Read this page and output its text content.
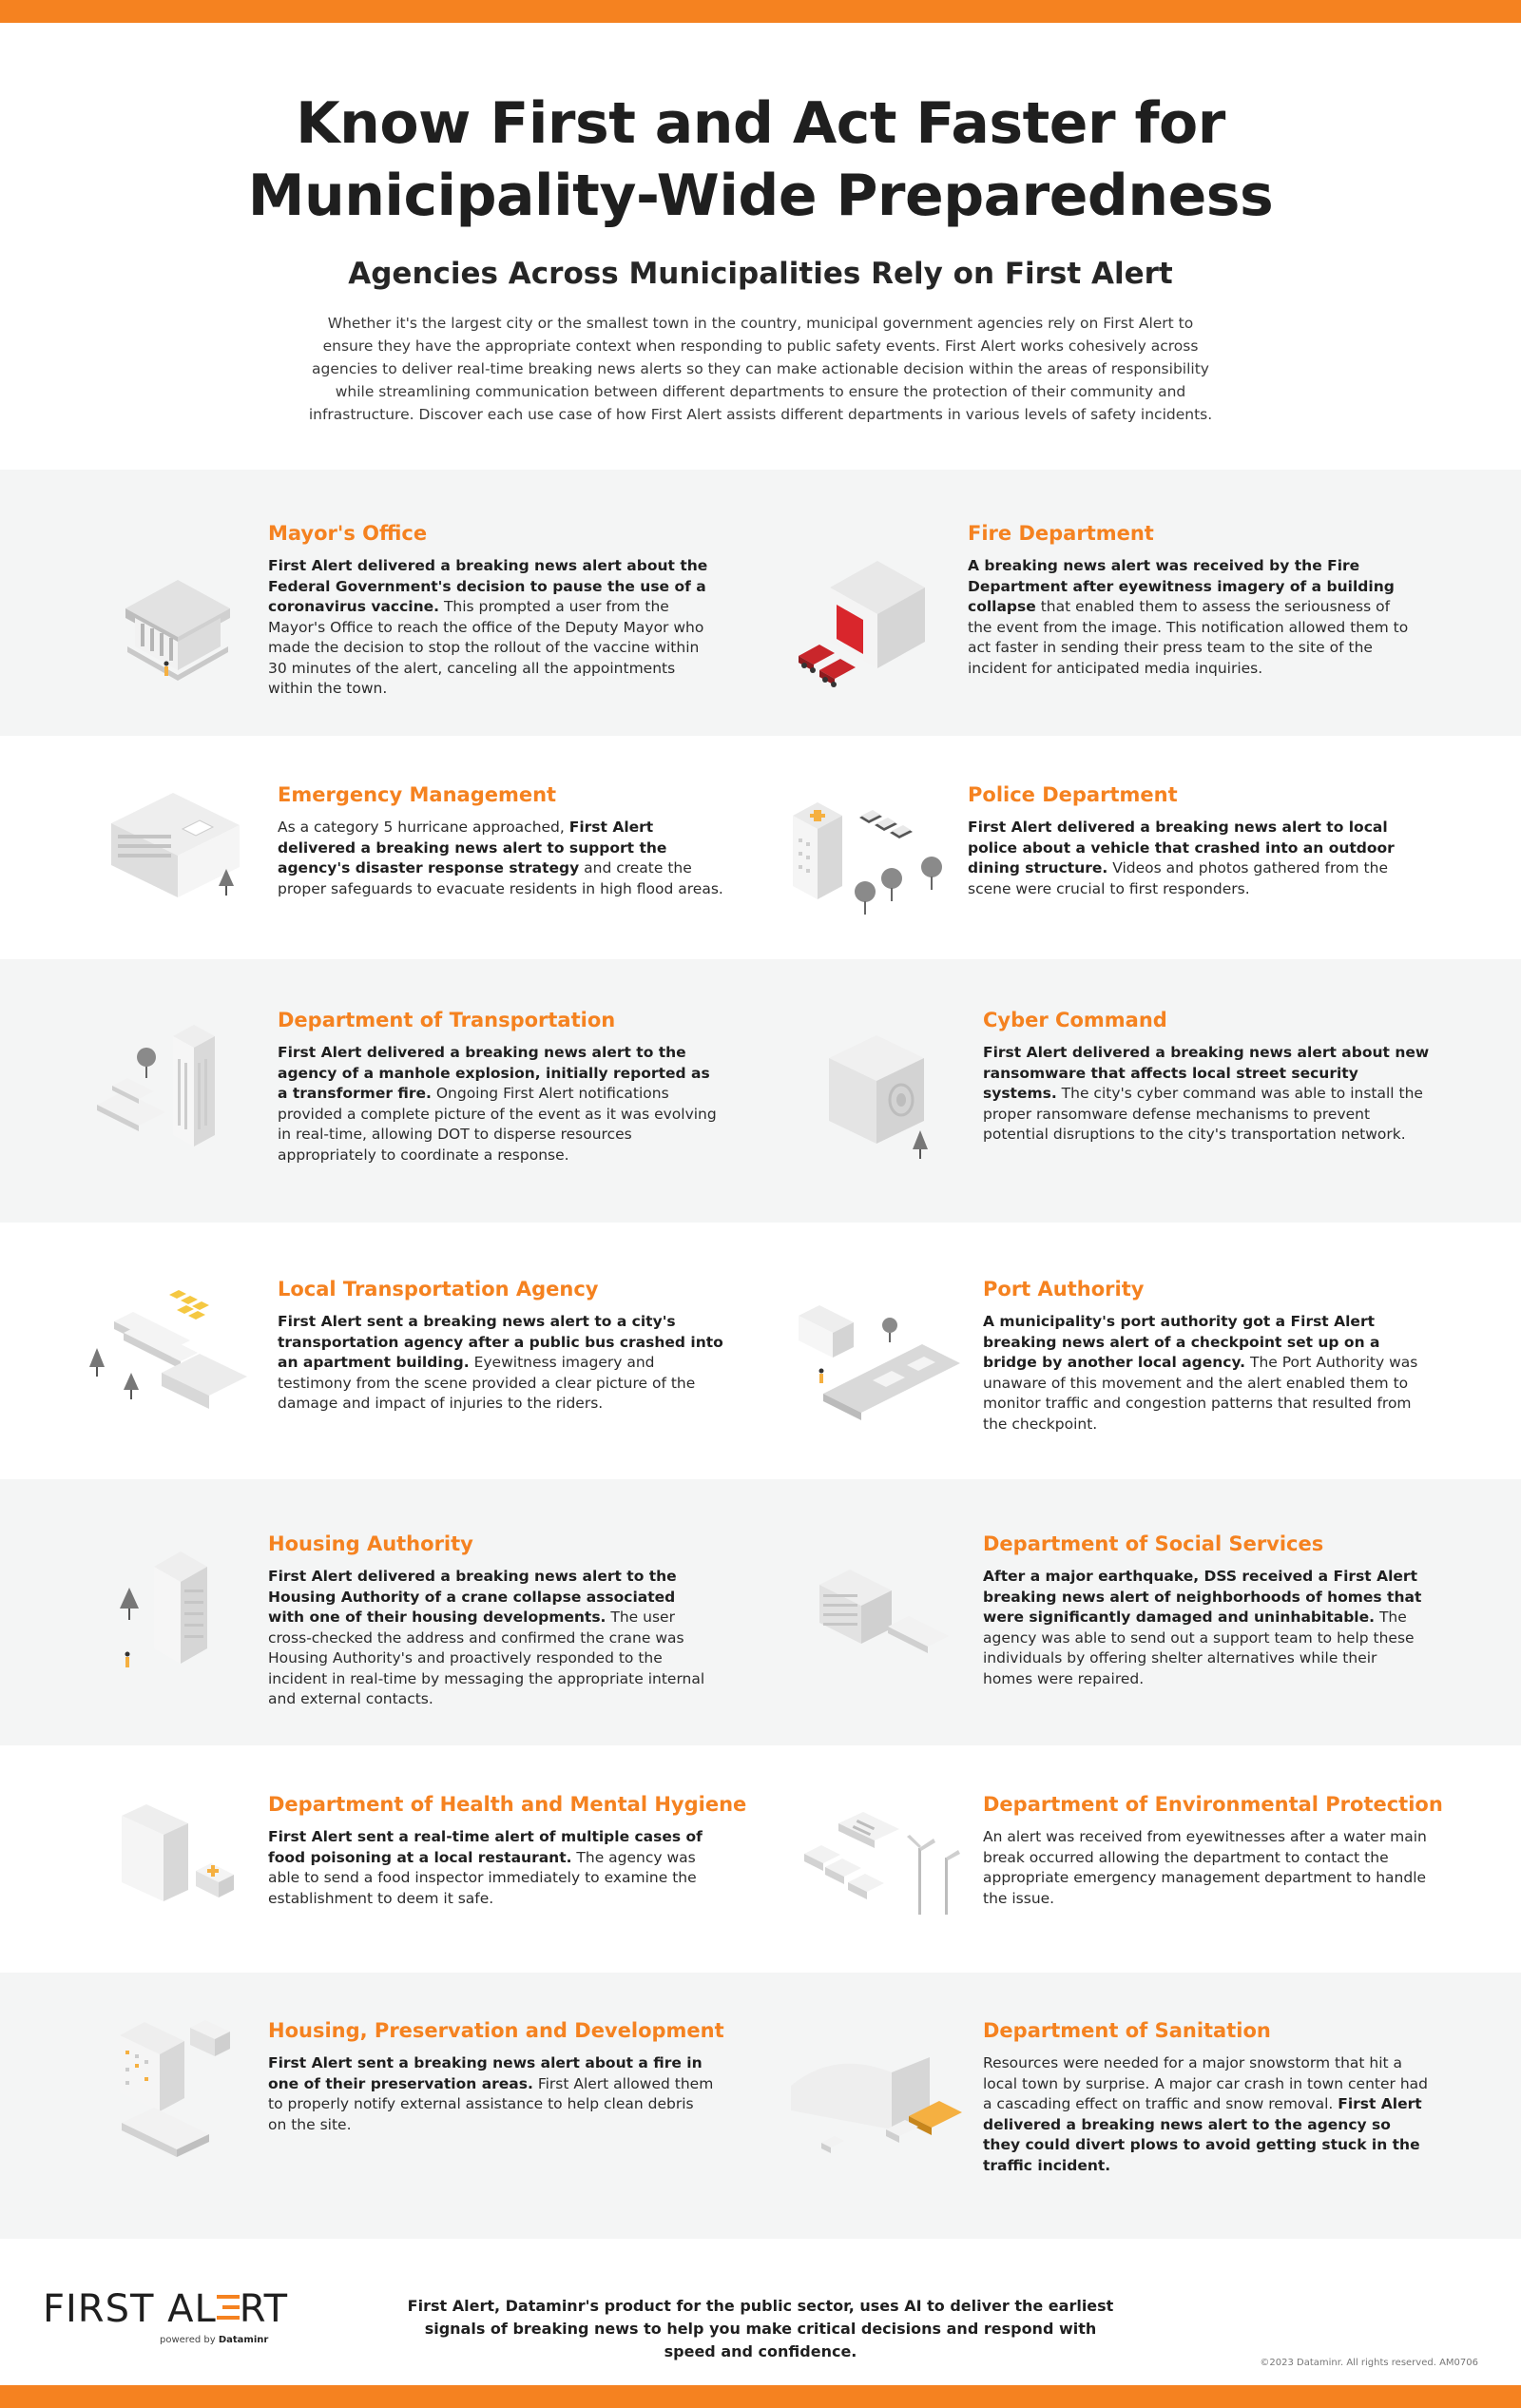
Know First and Act Faster for
Municipality-Wide Preparedness
Agencies Across Municipalities Rely on First Alert

Whether it's the largest city or the smallest town in the country, municipal government agencies rely on First Alert to ensure they have the appropriate context when responding to public safety events. First Alert works cohesively across agencies to deliver real-time breaking news alerts so they can make actionable decision within the areas of responsibility while streamlining communication between different departments to ensure the protection of their community and infrastructure. Discover each use case of how First Alert assists different departments in various levels of safety incidents.

Mayor's Office

First Alert delivered a breaking news alert about the Federal Government's decision to pause the use of a coronavirus vaccine. This prompted a user from the Mayor's Office to reach the office of the Deputy Mayor who made the decision to stop the rollout of the vaccine within 30 minutes of the alert, canceling all the appointments within the town.

Fire Department

A breaking news alert was received by the Fire Department after eyewitness imagery of a building collapse that enabled them to assess the seriousness of the event from the image. This notification allowed them to act faster in sending their press team to the site of the incident for anticipated media inquiries.

Emergency Management

As a category 5 hurricane approached, First Alert delivered a breaking news alert to support the agency's disaster response strategy and create the proper safeguards to evacuate residents in high flood areas.

Police Department

First Alert delivered a breaking news alert to local police about a vehicle that crashed into an outdoor dining structure. Videos and photos gathered from the scene were crucial to first responders.

Department of Transportation

First Alert delivered a breaking news alert to the agency of a manhole explosion, initially reported as a transformer fire. Ongoing First Alert notifications provided a complete picture of the event as it was evolving in real-time, allowing DOT to disperse resources appropriately to coordinate a response.

Cyber Command

First Alert delivered a breaking news alert about new ransomware that affects local street security systems. The city's cyber command was able to install the proper ransomware defense mechanisms to prevent potential disruptions to the city's transportation network.

Local Transportation Agency

First Alert sent a breaking news alert to a city's transportation agency after a public bus crashed into an apartment building. Eyewitness imagery and testimony from the scene provided a clear picture of the damage and impact of injuries to the riders.

Port Authority

A municipality's port authority got a First Alert breaking news alert of a checkpoint set up on a bridge by another local agency. The Port Authority was unaware of this movement and the alert enabled them to monitor traffic and congestion patterns that resulted from the checkpoint.

Housing Authority

First Alert delivered a breaking news alert to the Housing Authority of a crane collapse associated with one of their housing developments. The user cross-checked the address and confirmed the crane was Housing Authority's and proactively responded to the incident in real-time by messaging the appropriate internal and external contacts.

Department of Social Services

After a major earthquake, DSS received a First Alert breaking news alert of neighborhoods of homes that were significantly damaged and uninhabitable. The agency was able to send out a support team to help these individuals by offering shelter alternatives while their homes were repaired.

Department of Health and Mental Hygiene

First Alert sent a real-time alert of multiple cases of food poisoning at a local restaurant. The agency was able to send a food inspector immediately to examine the establishment to deem it safe.

Department of Environmental Protection

An alert was received from eyewitnesses after a water main break occurred allowing the department to contact the appropriate emergency management department to handle the issue.

Housing, Preservation and Development

First Alert sent a breaking news alert about a fire in one of their preservation areas. First Alert allowed them to properly notify external assistance to help clean debris on the site.

Department of Sanitation

Resources were needed for a major snowstorm that hit a local town by surprise. A major car crash in town center had a cascading effect on traffic and snow removal. First Alert delivered a breaking news alert to the agency so they could divert plows to avoid getting stuck in the traffic incident.

FIRST AL RT
powered by Dataminr

First Alert, Dataminr's product for the public sector, uses AI to deliver the earliest signals of breaking news to help you make critical decisions and respond with speed and confidence.

©2023 Dataminr. All rights reserved. AM0706
